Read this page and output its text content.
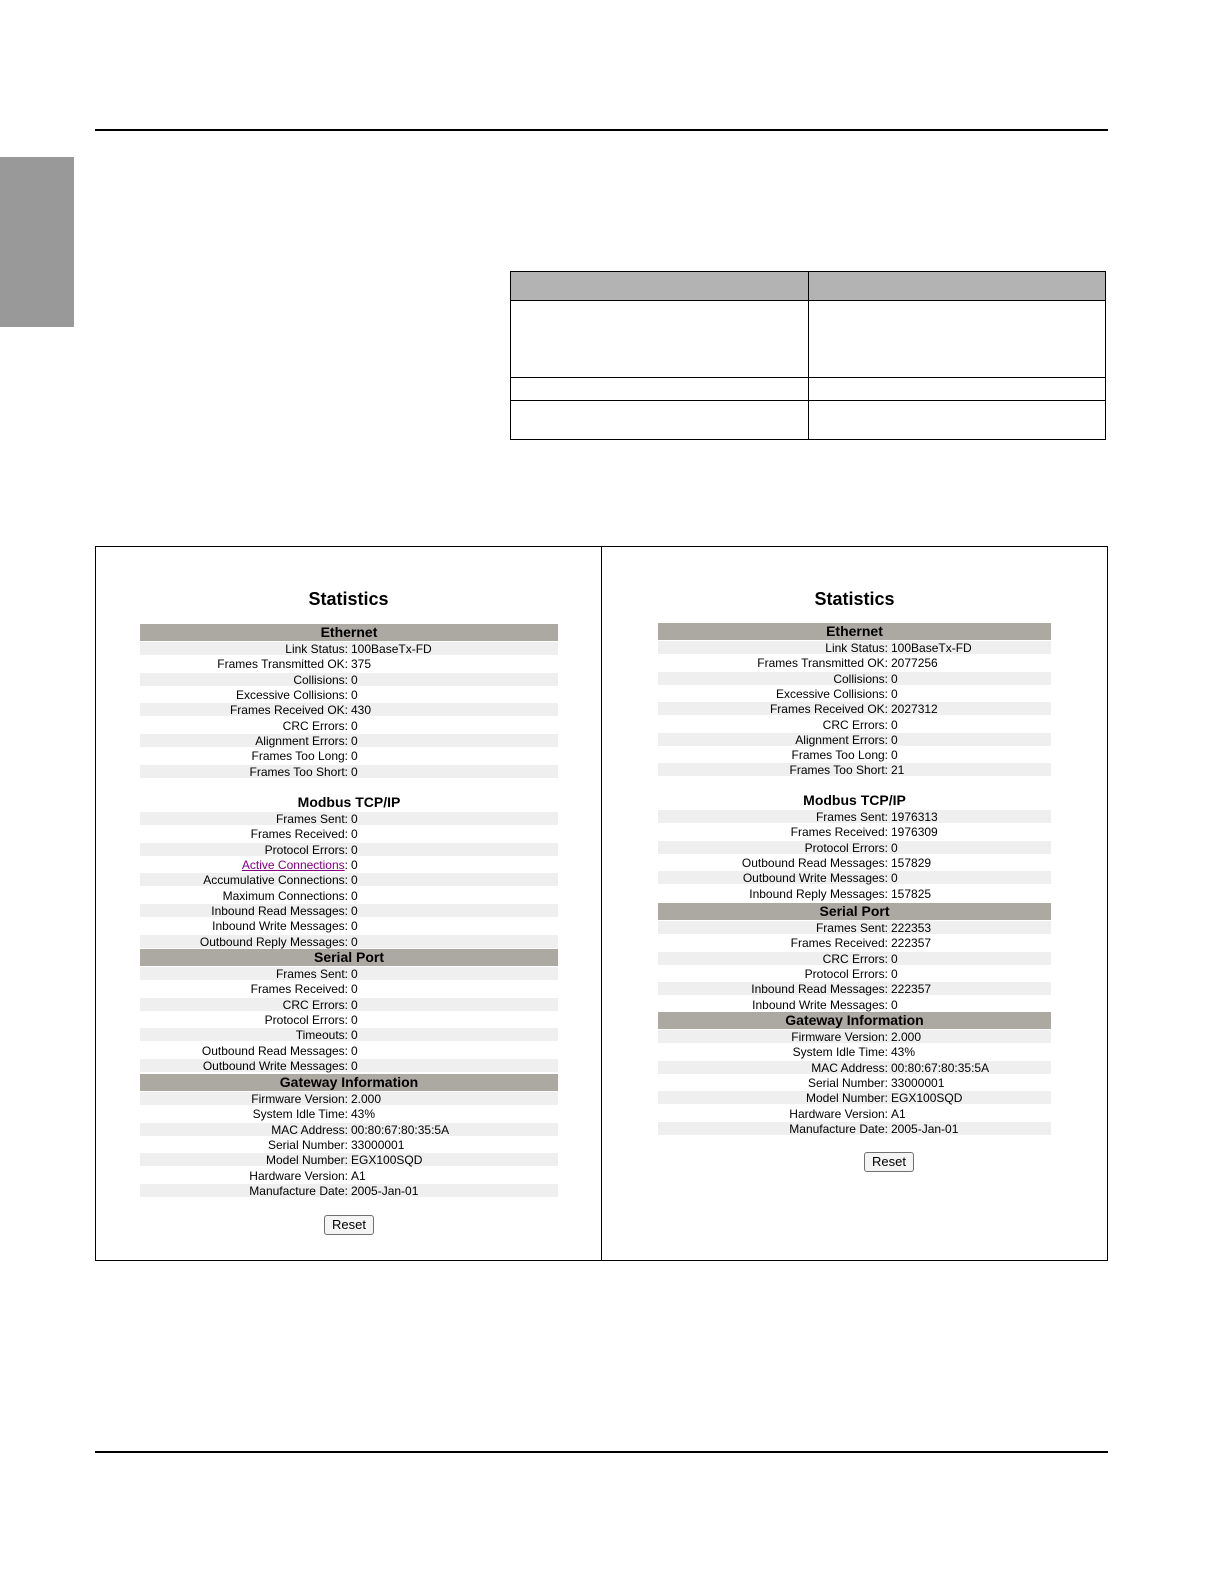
Statistics
Ethernet
Link Status: 100BaseTx-FD
Frames Transmitted OK: 375
Collisions: 0
Excessive Collisions: 0
Frames Received OK: 430
CRC Errors: 0
Alignment Errors: 0
Frames Too Long: 0
Frames Too Short: 0
Modbus TCP/IP
Frames Sent: 0
Frames Received: 0
Protocol Errors: 0
Active Connections: 0
Accumulative Connections: 0
Maximum Connections: 0
Inbound Read Messages: 0
Inbound Write Messages: 0
Outbound Reply Messages: 0
Serial Port
Frames Sent: 0
Frames Received: 0
CRC Errors: 0
Protocol Errors: 0
Timeouts: 0
Outbound Read Messages: 0
Outbound Write Messages: 0
Gateway Information
Firmware Version: 2.000
System Idle Time: 43%
MAC Address: 00:80:67:80:35:5A
Serial Number: 33000001
Model Number: EGX100SQD
Hardware Version: A1
Manufacture Date: 2005-Jan-01
Reset
Statistics
Ethernet
Link Status: 100BaseTx-FD
Frames Transmitted OK: 2077256
Collisions: 0
Excessive Collisions: 0
Frames Received OK: 2027312
CRC Errors: 0
Alignment Errors: 0
Frames Too Long: 0
Frames Too Short: 21
Modbus TCP/IP
Frames Sent: 1976313
Frames Received: 1976309
Protocol Errors: 0
Outbound Read Messages: 157829
Outbound Write Messages: 0
Inbound Reply Messages: 157825
Serial Port
Frames Sent: 222353
Frames Received: 222357
CRC Errors: 0
Protocol Errors: 0
Inbound Read Messages: 222357
Inbound Write Messages: 0
Gateway Information
Firmware Version: 2.000
System Idle Time: 43%
MAC Address: 00:80:67:80:35:5A
Serial Number: 33000001
Model Number: EGX100SQD
Hardware Version: A1
Manufacture Date: 2005-Jan-01
Reset
